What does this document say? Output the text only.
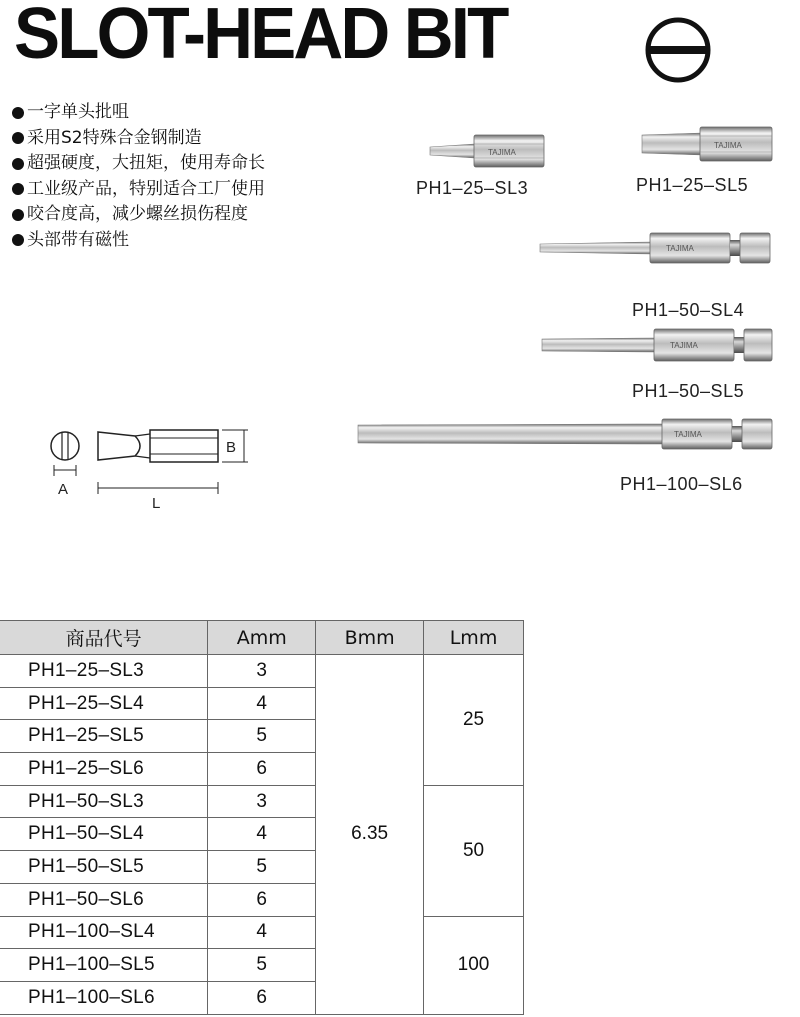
SLOT-HEAD BIT
一字单头批咀
采用S2特殊合金钢制造
超强硬度，大扭矩，使用寿命长
工业级产品，特别适合工厂使用
咬合度高，减少螺丝损伤程度
头部带有磁性
TAJIMA
PH1–25–SL3
TAJIMA
PH1–25–SL5
TAJIMA
PH1–50–SL4
TAJIMA
PH1–50–SL5
TAJIMA
PH1–100–SL6
A
B
L
商品代号	Amm	Bmm	Lmm
PH1–25–SL3	3	6.35	25
PH1–25–SL4	4		
PH1–25–SL5	5		
PH1–25–SL6	6		
PH1–50–SL3	3		50
PH1–50–SL4	4		
PH1–50–SL5	5		
PH1–50–SL6	6		
PH1–100–SL4	4		100
PH1–100–SL5	5		
PH1–100–SL6	6		
